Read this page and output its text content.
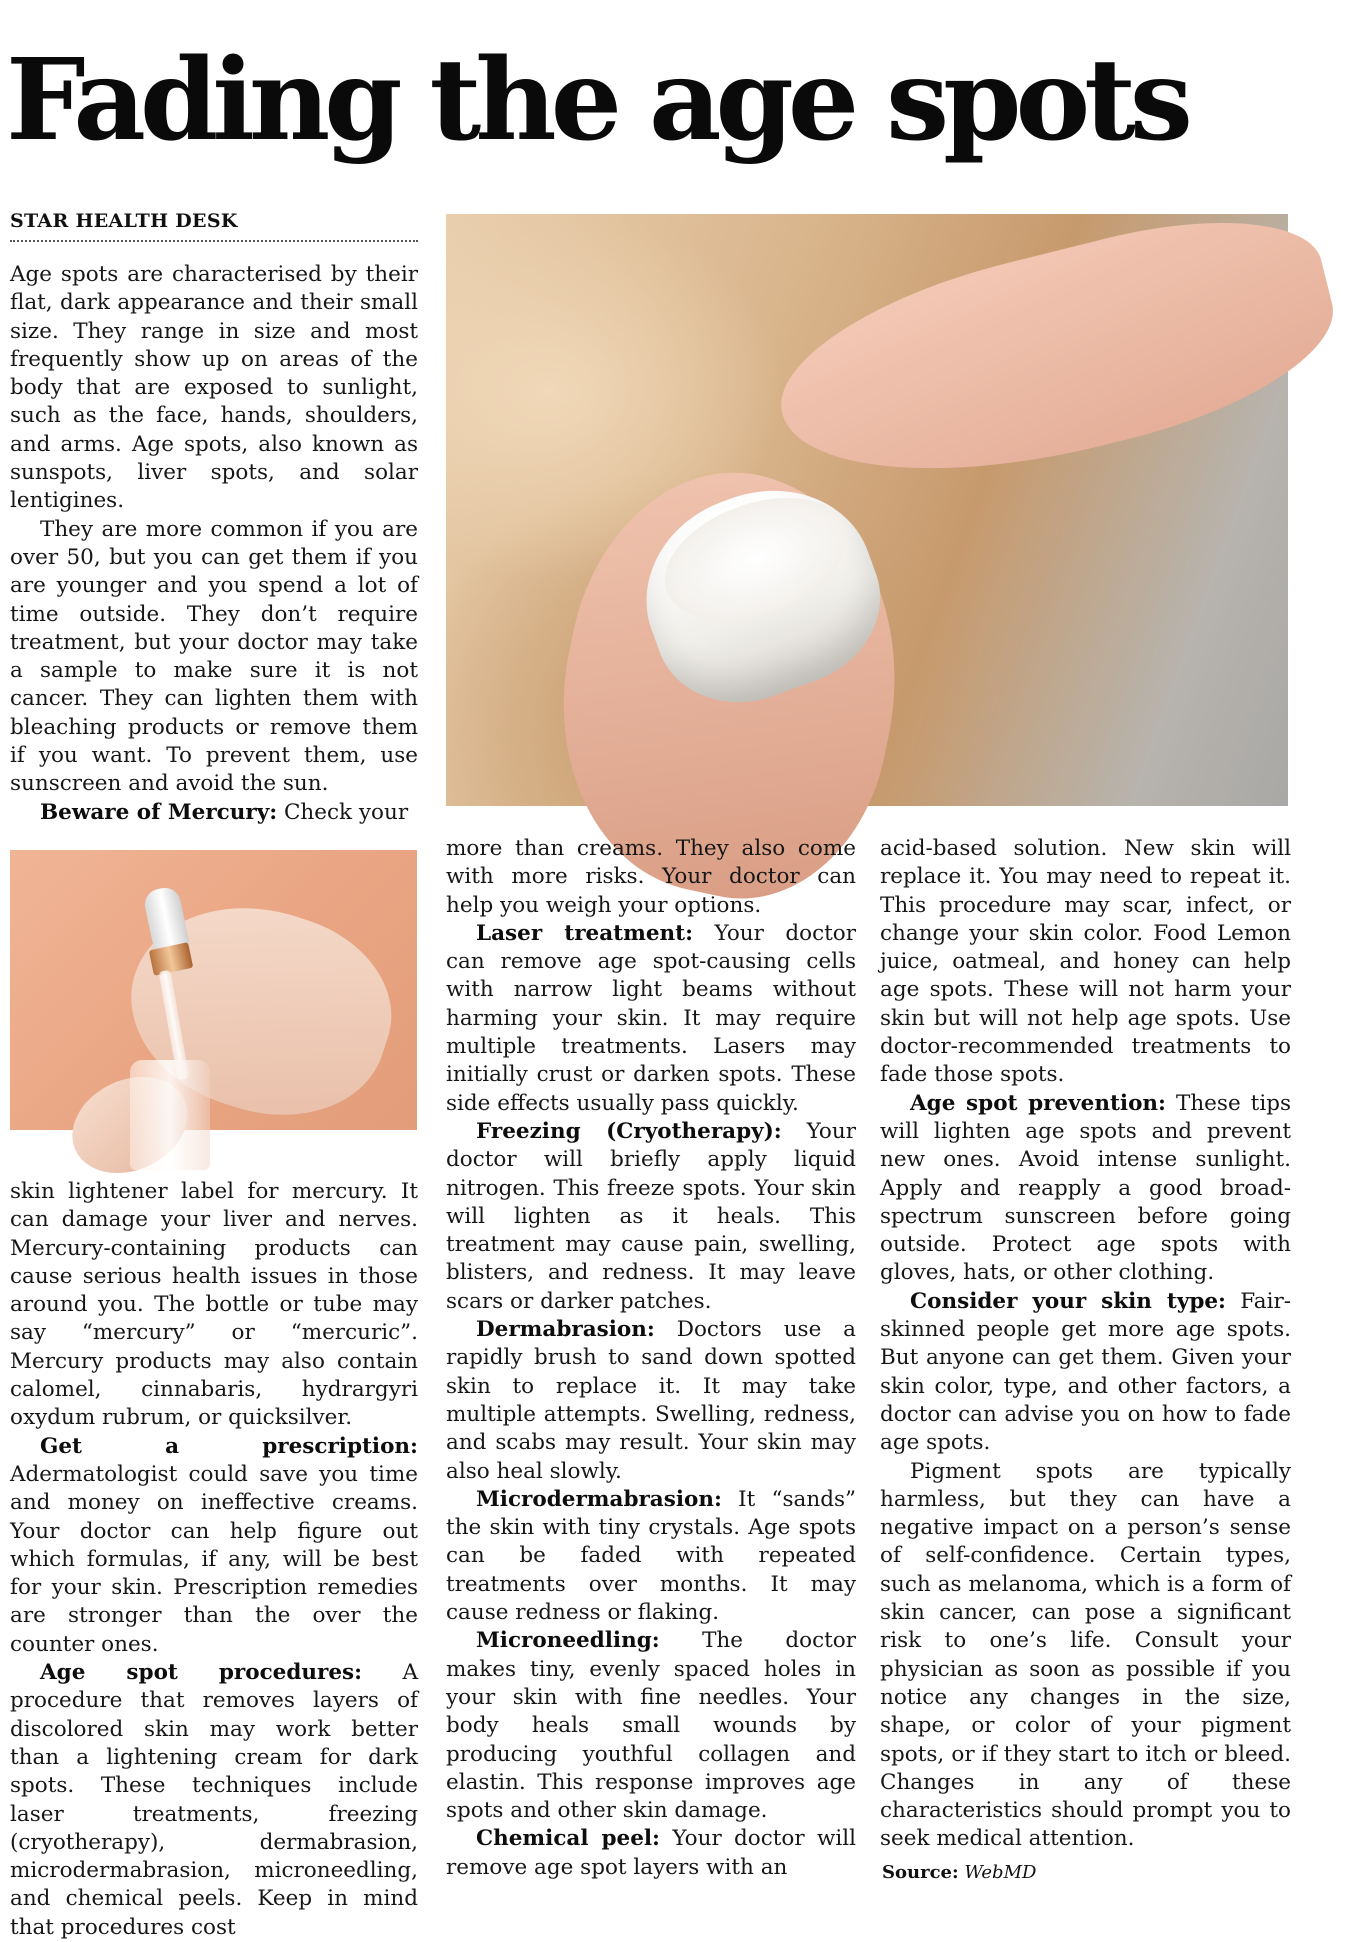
Fading the age spots
STAR HEALTH DESK

Age spots are characterised by their flat, dark appearance and their small size. They range in size and most frequently show up on areas of the body that are exposed to sunlight, such as the face, hands, shoulders, and arms. Age spots, also known as sunspots, liver spots, and solar lentigines.

They are more common if you are over 50, but you can get them if you are younger and you spend a lot of time outside. They don’t require treatment, but your doctor may take a sample to make sure it is not cancer. They can lighten them with bleaching products or remove them if you want. To prevent them, use sunscreen and avoid the sun.

Beware of Mercury: Check your

skin lightener label for mercury. It can damage your liver and nerves. Mercury-containing products can cause serious health issues in those around you. The bottle or tube may say “mercury” or “mercuric”. Mercury products may also contain calomel, cinnabaris, hydrargyri oxydum rubrum, or quicksilver.

Get a prescription: Adermatologist could save you time and money on ineffective creams. Your doctor can help figure out which formulas, if any, will be best for your skin. Prescription remedies are stronger than the over the counter ones.

Age spot procedures: A procedure that removes layers of discolored skin may work better than a lightening cream for dark spots. These techniques include laser treatments, freezing (cryotherapy), dermabrasion, microdermabrasion, microneedling, and chemical peels. Keep in mind that procedures cost

more than creams. They also come with more risks. Your doctor can help you weigh your options.

Laser treatment: Your doctor can remove age spot-causing cells with narrow light beams without harming your skin. It may require multiple treatments. Lasers may initially crust or darken spots. These side effects usually pass quickly.

Freezing (Cryotherapy): Your doctor will briefly apply liquid nitrogen. This freeze spots. Your skin will lighten as it heals. This treatment may cause pain, swelling, blisters, and redness. It may leave scars or darker patches.

Dermabrasion: Doctors use a rapidly brush to sand down spotted skin to replace it. It may take multiple attempts. Swelling, redness, and scabs may result. Your skin may also heal slowly.

Microdermabrasion: It “sands” the skin with tiny crystals. Age spots can be faded with repeated treatments over months. It may cause redness or flaking.

Microneedling: The doctor makes tiny, evenly spaced holes in your skin with fine needles. Your body heals small wounds by producing youthful collagen and elastin. This response improves age spots and other skin damage.

Chemical peel: Your doctor will remove age spot layers with an

acid-based solution. New skin will replace it. You may need to repeat it. This procedure may scar, infect, or change your skin color. Food Lemon juice, oatmeal, and honey can help age spots. These will not harm your skin but will not help age spots. Use doctor-recommended treatments to fade those spots.

Age spot prevention: These tips will lighten age spots and prevent new ones. Avoid intense sunlight. Apply and reapply a good broad-spectrum sunscreen before going outside. Protect age spots with gloves, hats, or other clothing.

Consider your skin type: Fair-skinned people get more age spots. But anyone can get them. Given your skin color, type, and other factors, a doctor can advise you on how to fade age spots.

Pigment spots are typically harmless, but they can have a negative impact on a person’s sense of self-confidence. Certain types, such as melanoma, which is a form of skin cancer, can pose a significant risk to one’s life. Consult your physician as soon as possible if you notice any changes in the size, shape, or color of your pigment spots, or if they start to itch or bleed. Changes in any of these characteristics should prompt you to seek medical attention.

Source: WebMD
